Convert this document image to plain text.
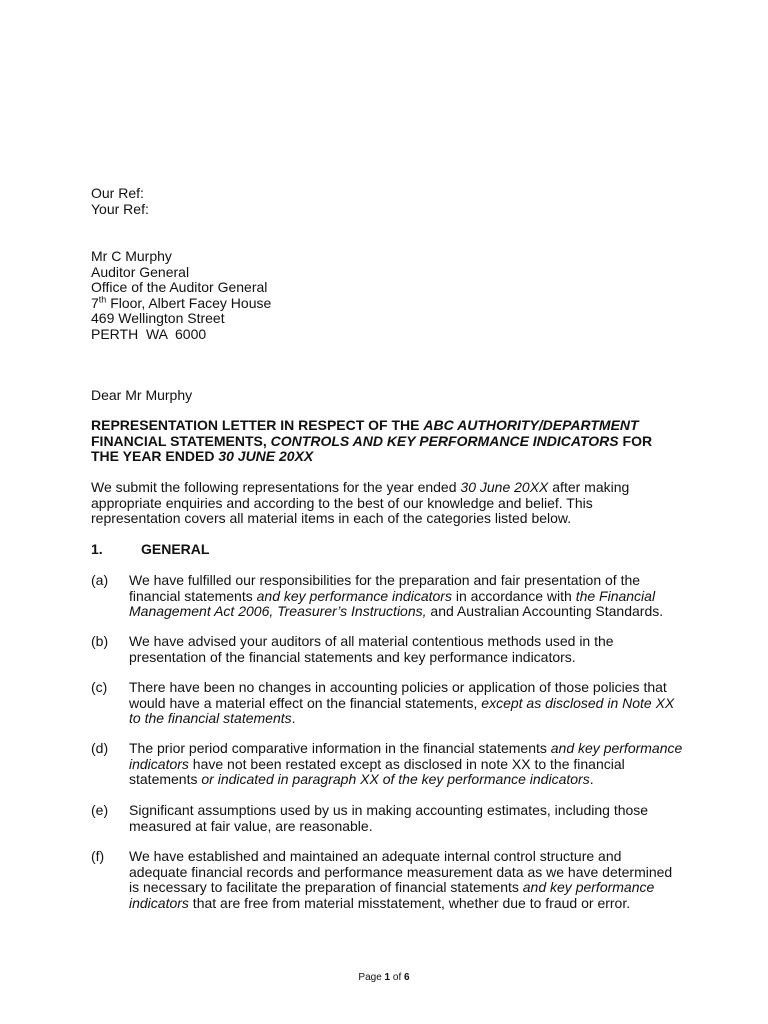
Our Ref:
Your Ref:
Mr C Murphy
Auditor General
Office of the Auditor General
7th Floor, Albert Facey House
469 Wellington Street
PERTH  WA  6000
Dear Mr Murphy
REPRESENTATION LETTER IN RESPECT OF THE ABC AUTHORITY/DEPARTMENT
FINANCIAL STATEMENTS, CONTROLS AND KEY PERFORMANCE INDICATORS FOR
THE YEAR ENDED 30 JUNE 20XX
We submit the following representations for the year ended 30 June 20XX after making
appropriate enquiries and according to the best of our knowledge and belief. This
representation covers all material items in each of the categories listed below.
1.	GENERAL
(a) We have fulfilled our responsibilities for the preparation and fair presentation of the
financial statements and key performance indicators in accordance with the Financial
Management Act 2006, Treasurer’s Instructions, and Australian Accounting Standards.
(b) We have advised your auditors of all material contentious methods used in the
presentation of the financial statements and key performance indicators.
(c) There have been no changes in accounting policies or application of those policies that
would have a material effect on the financial statements, except as disclosed in Note XX
to the financial statements.
(d) The prior period comparative information in the financial statements and key performance
indicators have not been restated except as disclosed in note XX to the financial
statements or indicated in paragraph XX of the key performance indicators.
(e) Significant assumptions used by us in making accounting estimates, including those
measured at fair value, are reasonable.
(f) We have established and maintained an adequate internal control structure and
adequate financial records and performance measurement data as we have determined
is necessary to facilitate the preparation of financial statements and key performance
indicators that are free from material misstatement, whether due to fraud or error.
Page 1 of 6
